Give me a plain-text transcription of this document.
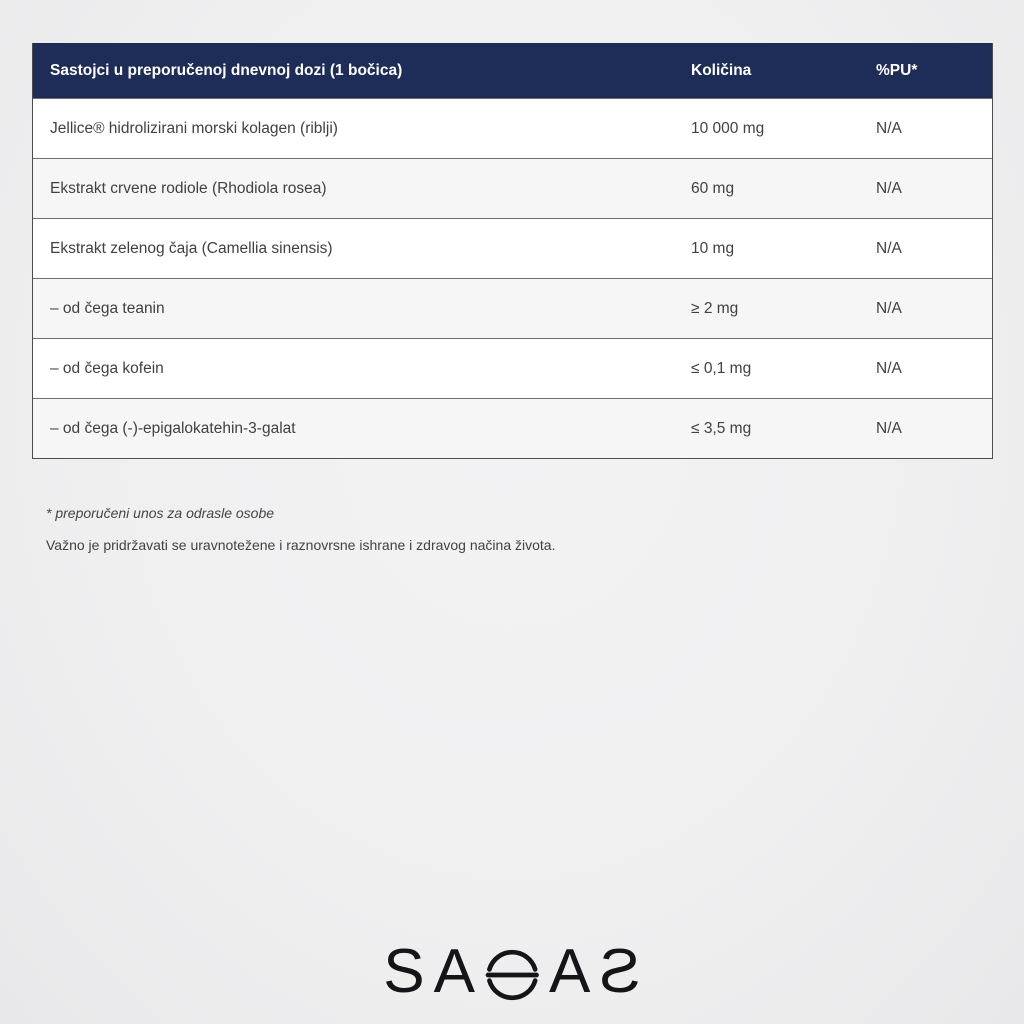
Sastojci u preporučenoj dnevnoj dozi (1 bočica)	Količina	%PU*
Jellice® hidrolizirani morski kolagen (riblji)	10 000 mg	N/A
Ekstrakt crvene rodiole (Rhodiola rosea)	60 mg	N/A
Ekstrakt zelenog čaja (Camellia sinensis)	10 mg	N/A
– od čega teanin	≥ 2 mg	N/A
– od čega kofein	≤ 0,1 mg	N/A
– od čega (-)-epigalokatehin-3-galat	≤ 3,5 mg	N/A
* preporučeni unos za odrasle osobe
Važno je pridržavati se uravnotežene i raznovrsne ishrane i zdravog načina života.
S A A S
